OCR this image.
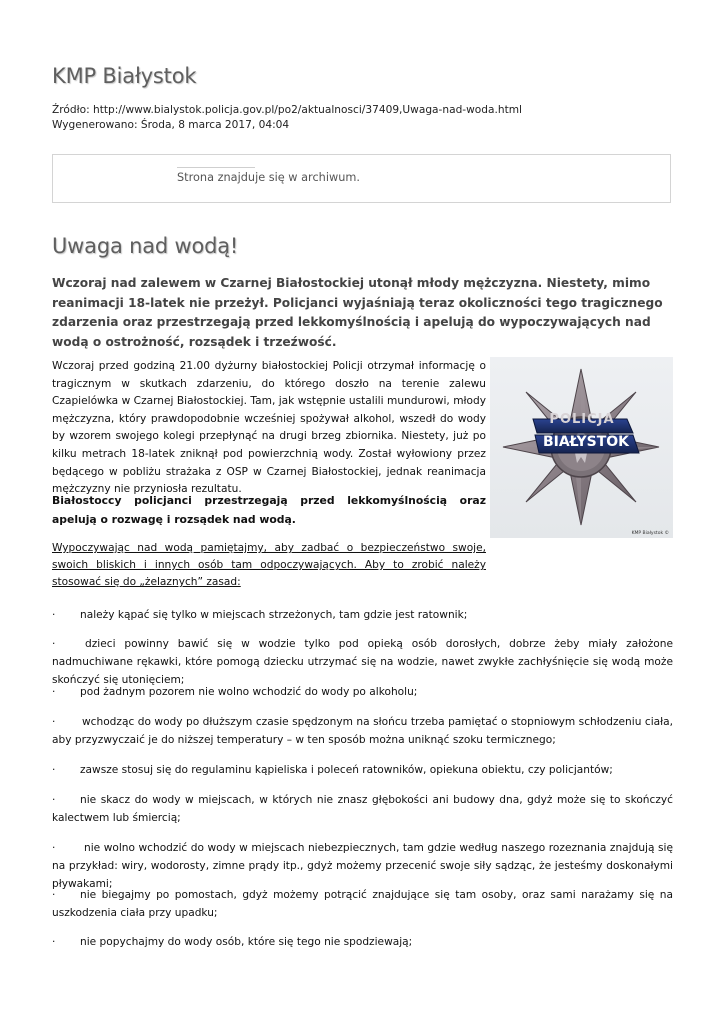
KMP Białystok
Źródło: http://www.bialystok.policja.gov.pl/po2/aktualnosci/37409,Uwaga-nad-woda.html
Wygenerowano: Środa, 8 marca 2017, 04:04
Strona znajduje się w archiwum.
Uwaga nad wodą!

Wczoraj nad zalewem w Czarnej Białostockiej utonął młody mężczyzna. Niestety, mimo reanimacji 18-latek nie przeżył. Policjanci wyjaśniają teraz okoliczności tego tragicznego zdarzenia oraz przestrzegają przed lekkomyślnością i apelują do wypoczywających nad wodą o ostrożność, rozsądek i trzeźwość.

Wczoraj przed godziną 21.00 dyżurny białostockiej Policji otrzymał informację o tragicznym w skutkach zdarzeniu, do którego doszło na terenie zalewu Czapielówka w Czarnej Białostockiej. Tam, jak wstępnie ustalili mundurowi, młody mężczyzna, który prawdopodobnie wcześniej spożywał alkohol, wszedł do wody by wzorem swojego kolegi przepłynąć na drugi brzeg zbiornika. Niestety, już po kilku metrach 18-latek zniknął pod powierzchnią wody. Został wyłowiony przez będącego w pobliżu strażaka z OSP w Czarnej Białostockiej, jednak reanimacja mężczyzny nie przyniosła rezultatu.

Białostoccy policjanci przestrzegają przed lekkomyślnością oraz apelują o rozwagę i rozsądek nad wodą.

Wypoczywając nad wodą pamiętajmy, aby zadbać o bezpieczeństwo swoje, swoich bliskich i innych osób tam odpoczywających. Aby to zrobić należy stosować się do „żelaznych” zasad:

POLICJA
BIAŁYSTOK
KMP Białystok ©

· należy kąpać się tylko w miejscach strzeżonych, tam gdzie jest ratownik;

·	dzieci powinny bawić się w wodzie tylko pod opieką osób dorosłych, dobrze żeby miały założone nadmuchiwane rękawki, które pomogą dziecku utrzymać się na wodzie, nawet zwykłe zachłyśnięcie się wodą może skończyć się utonięciem;

· pod żadnym pozorem nie wolno wchodzić do wody po alkoholu;

·	wchodząc do wody po dłuższym czasie spędzonym na słońcu trzeba pamiętać o stopniowym schłodzeniu ciała, aby przyzwyczaić je do niższej temperatury – w ten sposób można uniknąć szoku termicznego;

· zawsze stosuj się do regulaminu kąpieliska i poleceń ratowników, opiekuna obiektu, czy policjantów;

· nie skacz do wody w miejscach, w których nie znasz głębokości ani budowy dna, gdyż może się to skończyć kalectwem lub śmiercią;

·	nie wolno wchodzić do wody w miejscach niebezpiecznych, tam gdzie według naszego rozeznania znajdują się na przykład: wiry, wodorosty, zimne prądy itp., gdyż możemy przecenić swoje siły sądząc, że jesteśmy doskonałymi pływakami;

· nie biegajmy po pomostach, gdyż możemy potrącić znajdujące się tam osoby, oraz sami narażamy się na uszkodzenia ciała przy upadku;

· nie popychajmy do wody osób, które się tego nie spodziewają;
